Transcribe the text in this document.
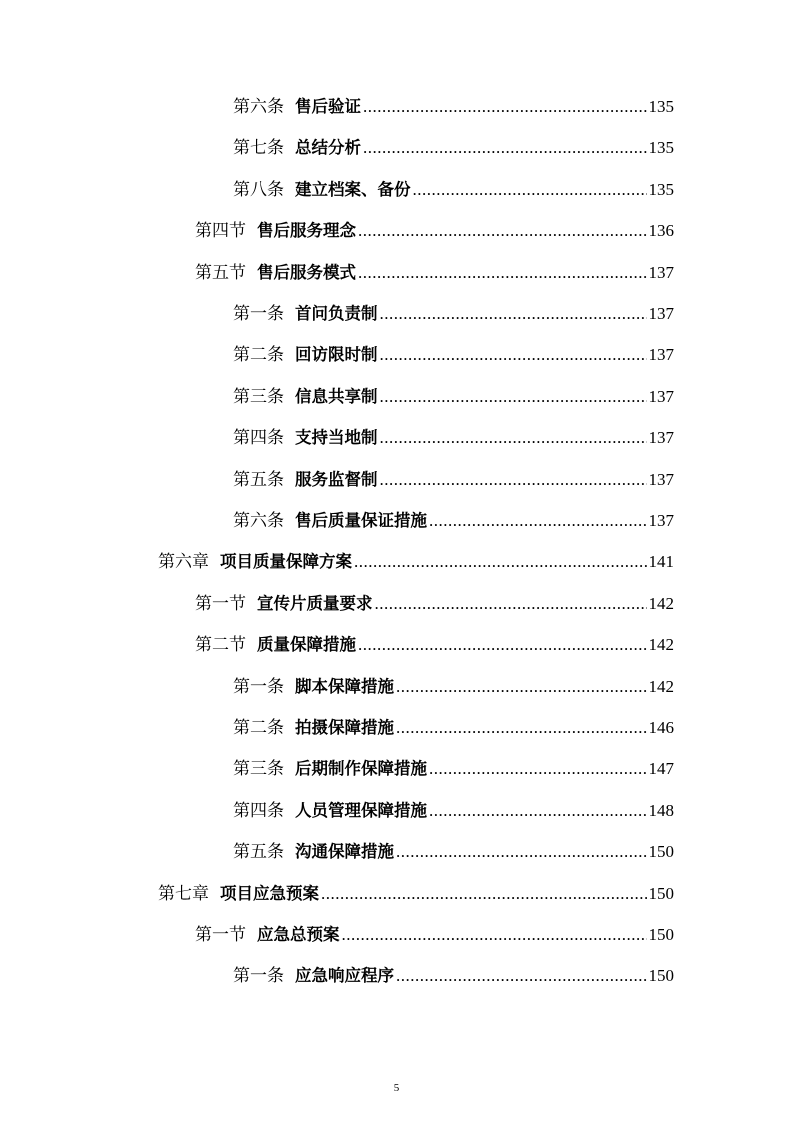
第六条 售后验证 .....	135
第七条 总结分析 .....	135
第八条 建立档案、备份 .....	135
第四节 售后服务理念 .....	136
第五节 售后服务模式 .....	137
第一条 首问负责制 .....	137
第二条 回访限时制 .....	137
第三条 信息共享制 .....	137
第四条 支持当地制 .....	137
第五条 服务监督制 .....	137
第六条 售后质量保证措施 .....	137
第六章 项目质量保障方案 .....	141
第一节 宣传片质量要求 .....	142
第二节 质量保障措施 .....	142
第一条 脚本保障措施 .....	142
第二条 拍摄保障措施 .....	146
第三条 后期制作保障措施 .....	147
第四条 人员管理保障措施 .....	148
第五条 沟通保障措施 .....	150
第七章 项目应急预案 .....	150
第一节 应急总预案 .....	150
第一条 应急响应程序 .....	150
5
